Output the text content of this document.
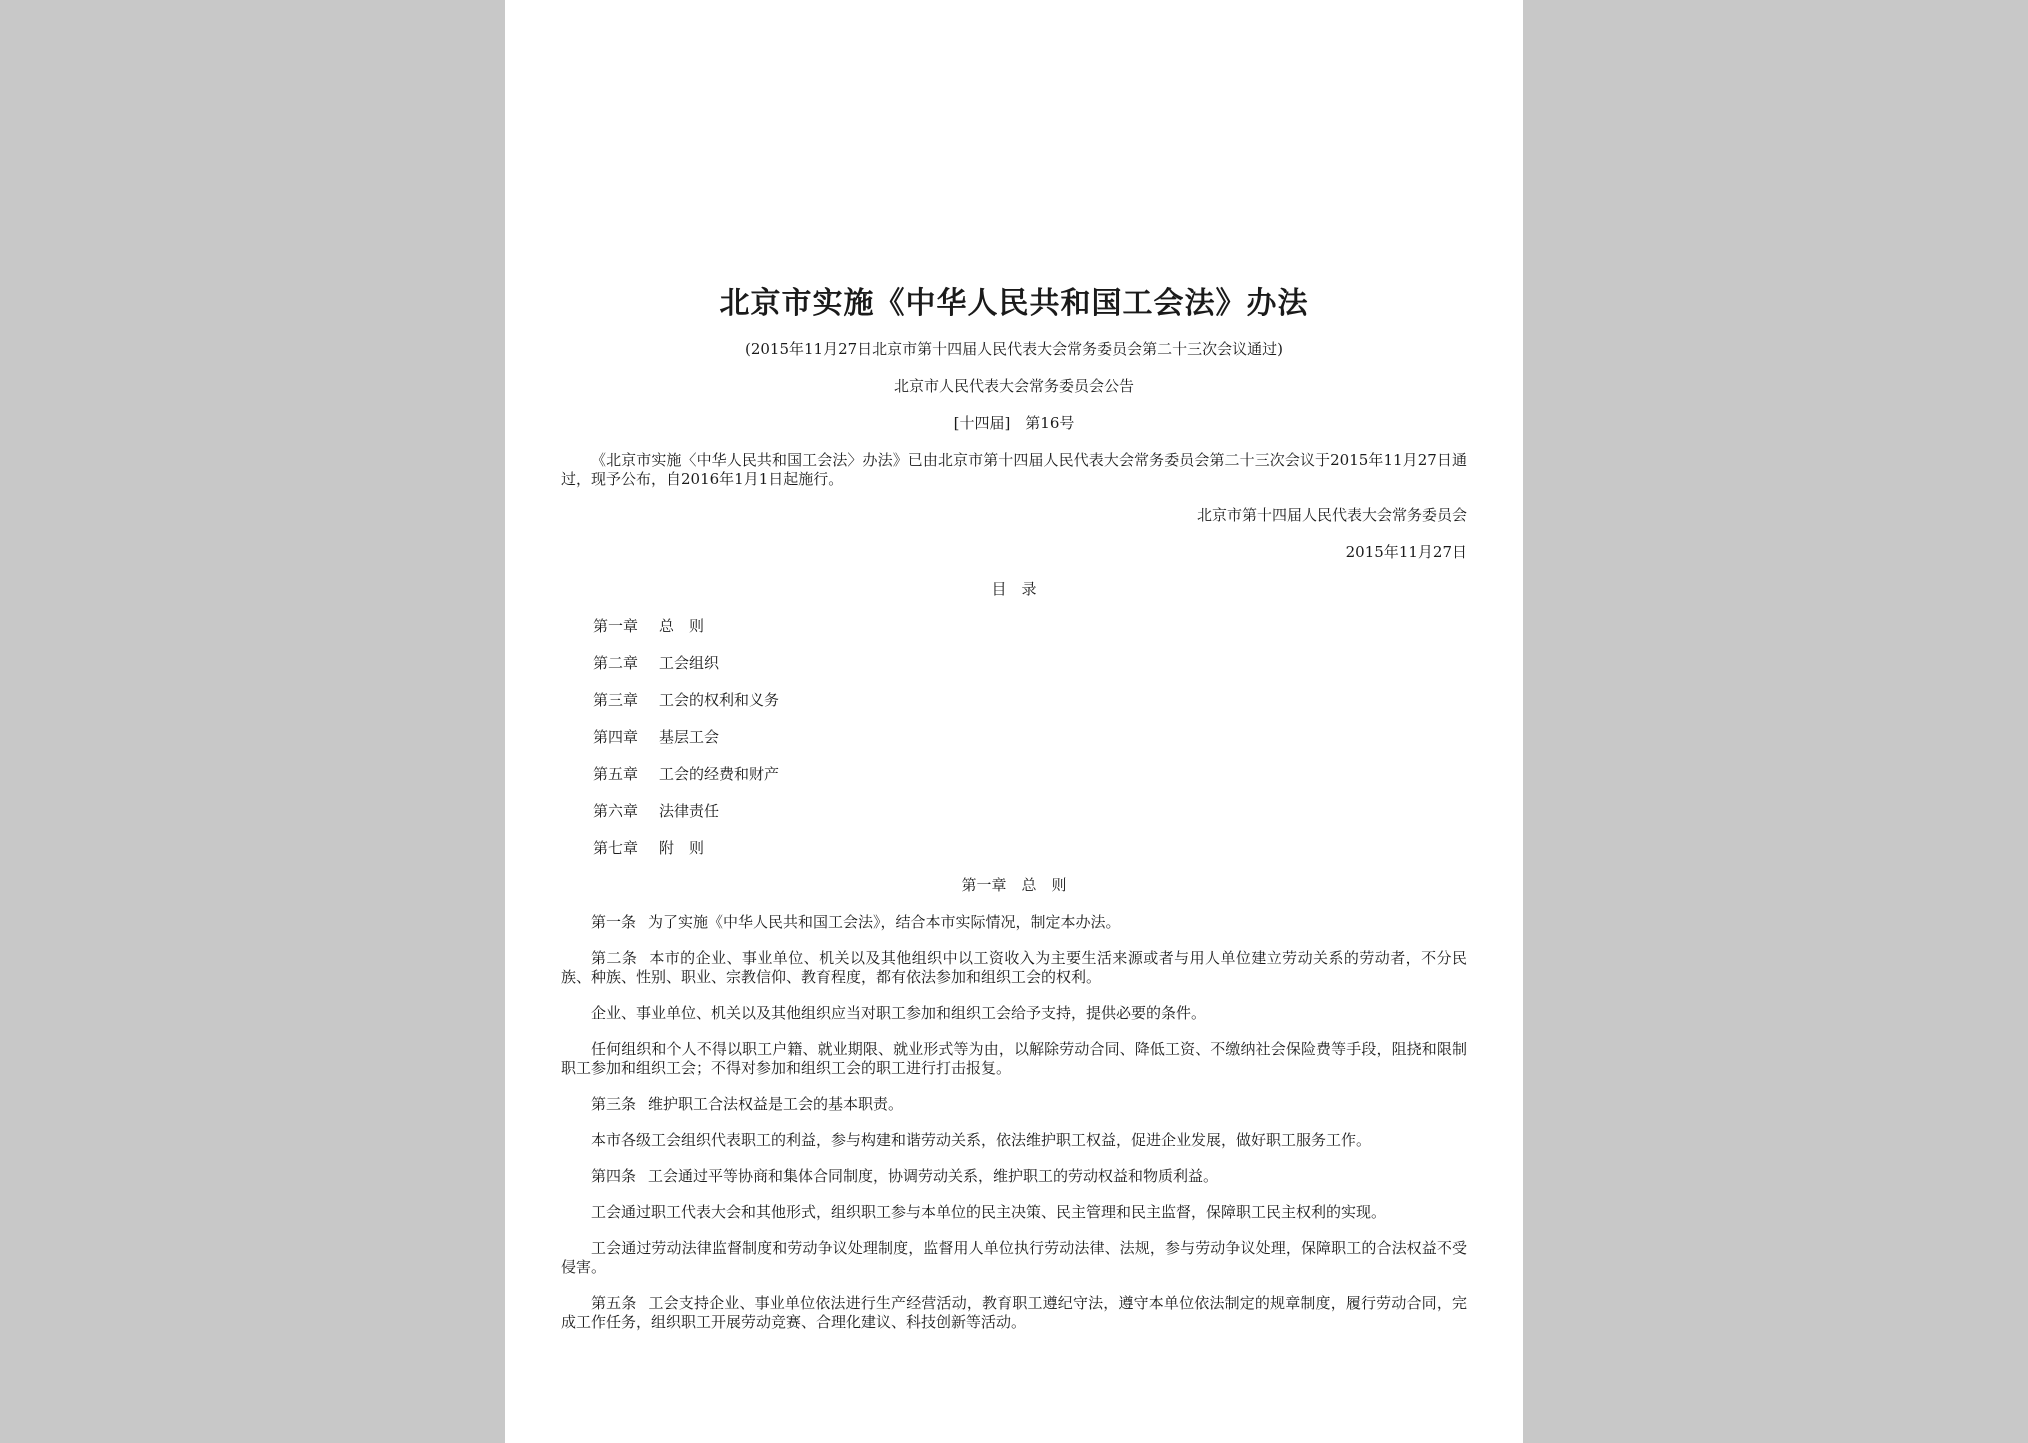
北京市实施《中华人民共和国工会法》办法

(2015年11月27日北京市第十四届人民代表大会常务委员会第二十三次会议通过)

北京市人民代表大会常务委员会公告

[十四届]　第16号

《北京市实施〈中华人民共和国工会法〉办法》已由北京市第十四届人民代表大会常务委员会第二十三次会议于2015年11月27日通过，现予公布，自2016年1月1日起施行。

北京市第十四届人民代表大会常务委员会

2015年11月27日

目　录

第一章	总　则
第二章	工会组织
第三章	工会的权利和义务
第四章	基层工会
第五章	工会的经费和财产
第六章	法律责任
第七章	附　则

第一章　总　则

第一条 为了实施《中华人民共和国工会法》，结合本市实际情况，制定本办法。

第二条 本市的企业、事业单位、机关以及其他组织中以工资收入为主要生活来源或者与用人单位建立劳动关系的劳动者，不分民族、种族、性别、职业、宗教信仰、教育程度，都有依法参加和组织工会的权利。

企业、事业单位、机关以及其他组织应当对职工参加和组织工会给予支持，提供必要的条件。

任何组织和个人不得以职工户籍、就业期限、就业形式等为由，以解除劳动合同、降低工资、不缴纳社会保险费等手段，阻挠和限制职工参加和组织工会；不得对参加和组织工会的职工进行打击报复。

第三条 维护职工合法权益是工会的基本职责。

本市各级工会组织代表职工的利益，参与构建和谐劳动关系，依法维护职工权益，促进企业发展，做好职工服务工作。

第四条 工会通过平等协商和集体合同制度，协调劳动关系，维护职工的劳动权益和物质利益。

工会通过职工代表大会和其他形式，组织职工参与本单位的民主决策、民主管理和民主监督，保障职工民主权利的实现。

工会通过劳动法律监督制度和劳动争议处理制度，监督用人单位执行劳动法律、法规，参与劳动争议处理，保障职工的合法权益不受侵害。

第五条 工会支持企业、事业单位依法进行生产经营活动，教育职工遵纪守法，遵守本单位依法制定的规章制度，履行劳动合同，完成工作任务，组织职工开展劳动竞赛、合理化建议、科技创新等活动。
